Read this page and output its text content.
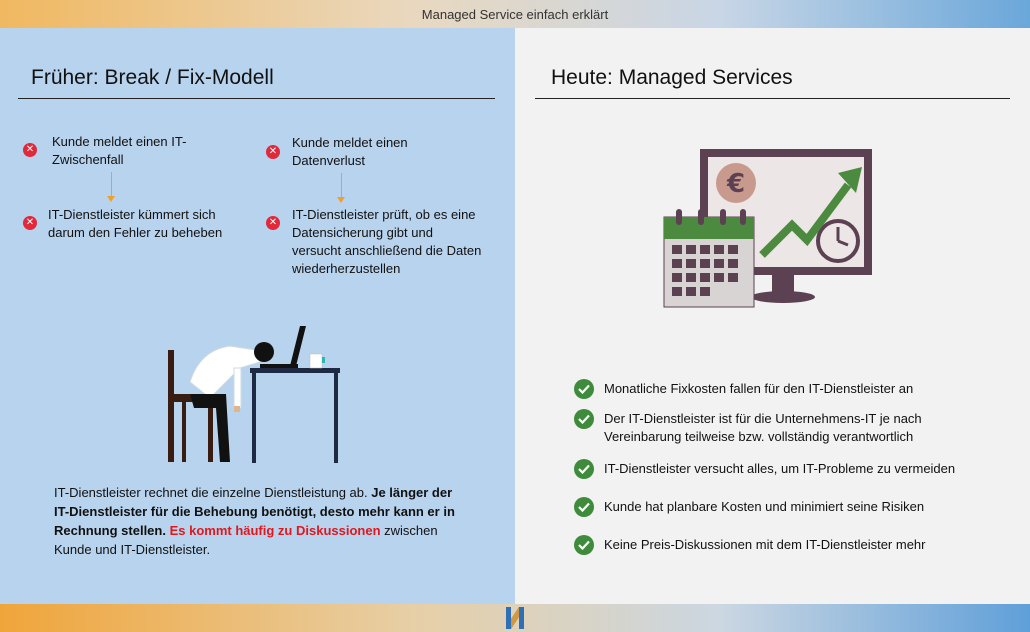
Managed Service einfach erklärt
Früher: Break / Fix-Modell
✕
Kunde meldet einen IT-Zwischenfall
✕
IT-Dienstleister kümmert sich darum den Fehler zu beheben
✕
Kunde meldet einen Datenverlust
✕
IT-Dienstleister prüft, ob es eine Datensicherung gibt und versucht anschließend die Daten wiederherzustellen
IT-Dienstleister rechnet die einzelne Dienstleistung ab. Je länger der IT-Dienstleister für die Behebung benötigt, desto mehr kann er in Rechnung stellen. Es kommt häufig zu Diskussionen zwischen Kunde und IT-Dienstleister.
Heute: Managed Services
€
Monatliche Fixkosten fallen für den IT-Dienstleister an
Der IT-Dienstleister ist für die Unternehmens-IT je nach Vereinbarung teilweise bzw. vollständig verantwortlich
IT-Dienstleister versucht alles, um IT-Probleme zu vermeiden
Kunde hat planbare Kosten und minimiert seine Risiken
Keine Preis-Diskussionen mit dem IT-Dienstleister mehr
